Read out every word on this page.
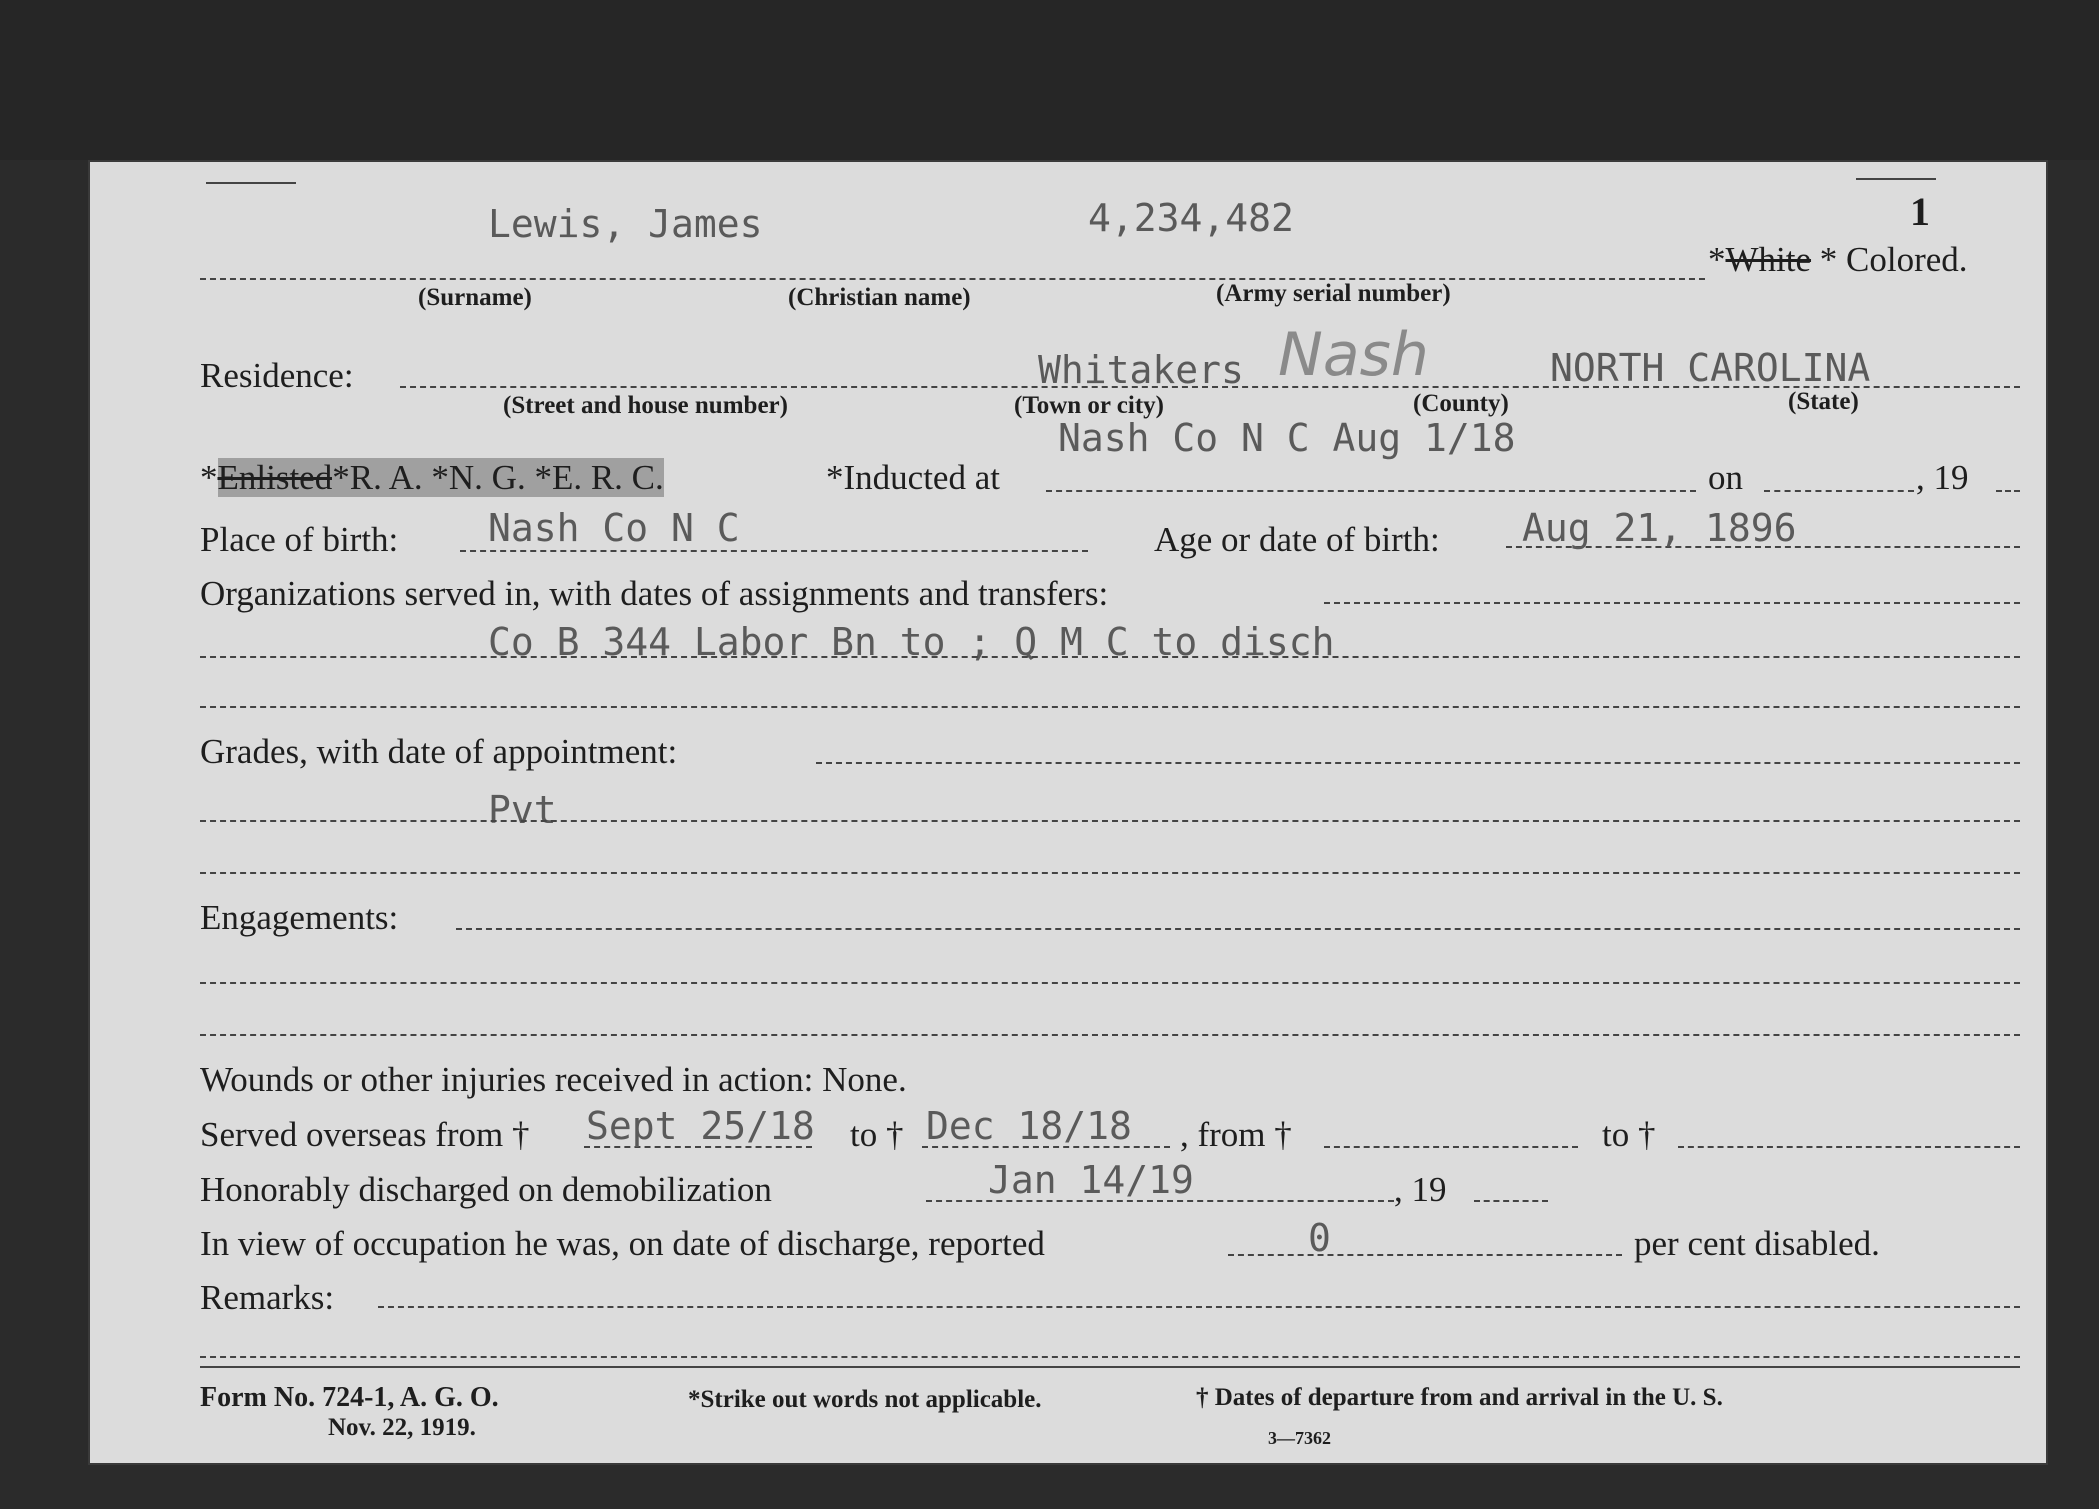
Lewis, James	4,234,482	1
*White * Colored.
(Surname)	(Christian name)	(Army serial number)
Residence:	Whitakers Nash	NORTH CAROLINA
(Street and house number)	(Town or city)	(County)	(State)
Nash Co N C Aug 1/18
*Enlisted*R. A. *N. G. *E. R. C.	*Inducted at	on	, 19
Place of birth: Nash Co N C	Age or date of birth: Aug 21, 1896
Organizations served in, with dates of assignments and transfers:
Co B 344 Labor Bn to ; Q M C to disch
Grades, with date of appointment:
Pvt
Engagements:
Wounds or other injuries received in action: None.
Served overseas from † Sept 25/18 to † Dec 18/18 , from †	to †
Honorably discharged on demobilization	Jan 14/19	, 19
In view of occupation he was, on date of discharge, reported	0	per cent disabled.
Remarks:
Form No. 724-1, A. G. O.
Nov. 22, 1919.
*Strike out words not applicable.	† Dates of departure from and arrival in the U. S.
3—7362
